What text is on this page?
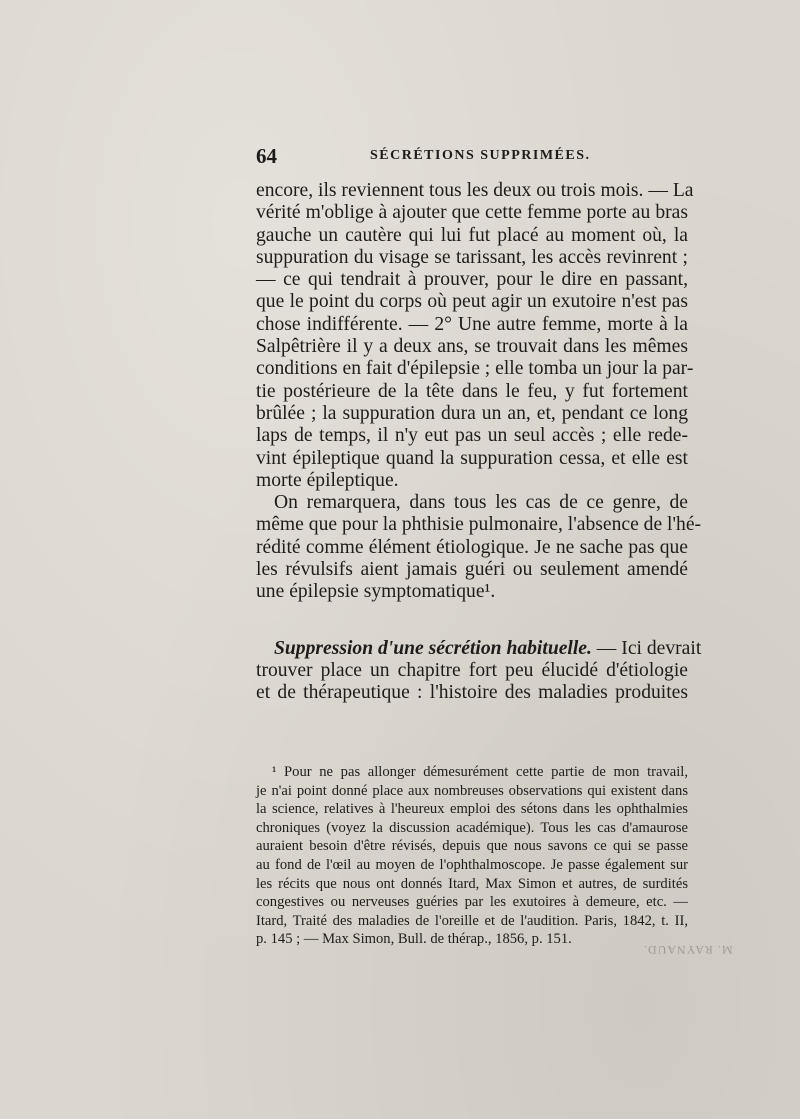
64	SÉCRÉTIONS SUPPRIMÉES.
encore, ils reviennent tous les deux ou trois mois. — La
vérité m'oblige à ajouter que cette femme porte au bras
gauche un cautère qui lui fut placé au moment où, la
suppuration du visage se tarissant, les accès revinrent ;
— ce qui tendrait à prouver, pour le dire en passant,
que le point du corps où peut agir un exutoire n'est pas
chose indifférente. — 2° Une autre femme, morte à la
Salpêtrière il y a deux ans, se trouvait dans les mêmes
conditions en fait d'épilepsie ; elle tomba un jour la par-
tie postérieure de la tête dans le feu, y fut fortement
brûlée ; la suppuration dura un an, et, pendant ce long
laps de temps, il n'y eut pas un seul accès ; elle rede-
vint épileptique quand la suppuration cessa, et elle est
morte épileptique.
On remarquera, dans tous les cas de ce genre, de
même que pour la phthisie pulmonaire, l'absence de l'hé-
rédité comme élément étiologique. Je ne sache pas que
les révulsifs aient jamais guéri ou seulement amendé
une épilepsie symptomatique¹.
Suppression d'une sécrétion habituelle. — Ici devrait
trouver place un chapitre fort peu élucidé d'étiologie
et de thérapeutique : l'histoire des maladies produites
¹ Pour ne pas allonger démesurément cette partie de mon travail,
je n'ai point donné place aux nombreuses observations qui existent dans
la science, relatives à l'heureux emploi des sétons dans les ophthalmies
chroniques (voyez la discussion académique). Tous les cas d'amaurose
auraient besoin d'être révisés, depuis que nous savons ce qui se passe
au fond de l'œil au moyen de l'ophthalmoscope. Je passe également sur
les récits que nous ont donnés Itard, Max Simon et autres, de surdités
congestives ou nerveuses guéries par les exutoires à demeure, etc. —
Itard, Traité des maladies de l'oreille et de l'audition. Paris, 1842, t. II,
p. 145 ; — Max Simon, Bull. de thérap., 1856, p. 151.
M. RAYNAUD.
